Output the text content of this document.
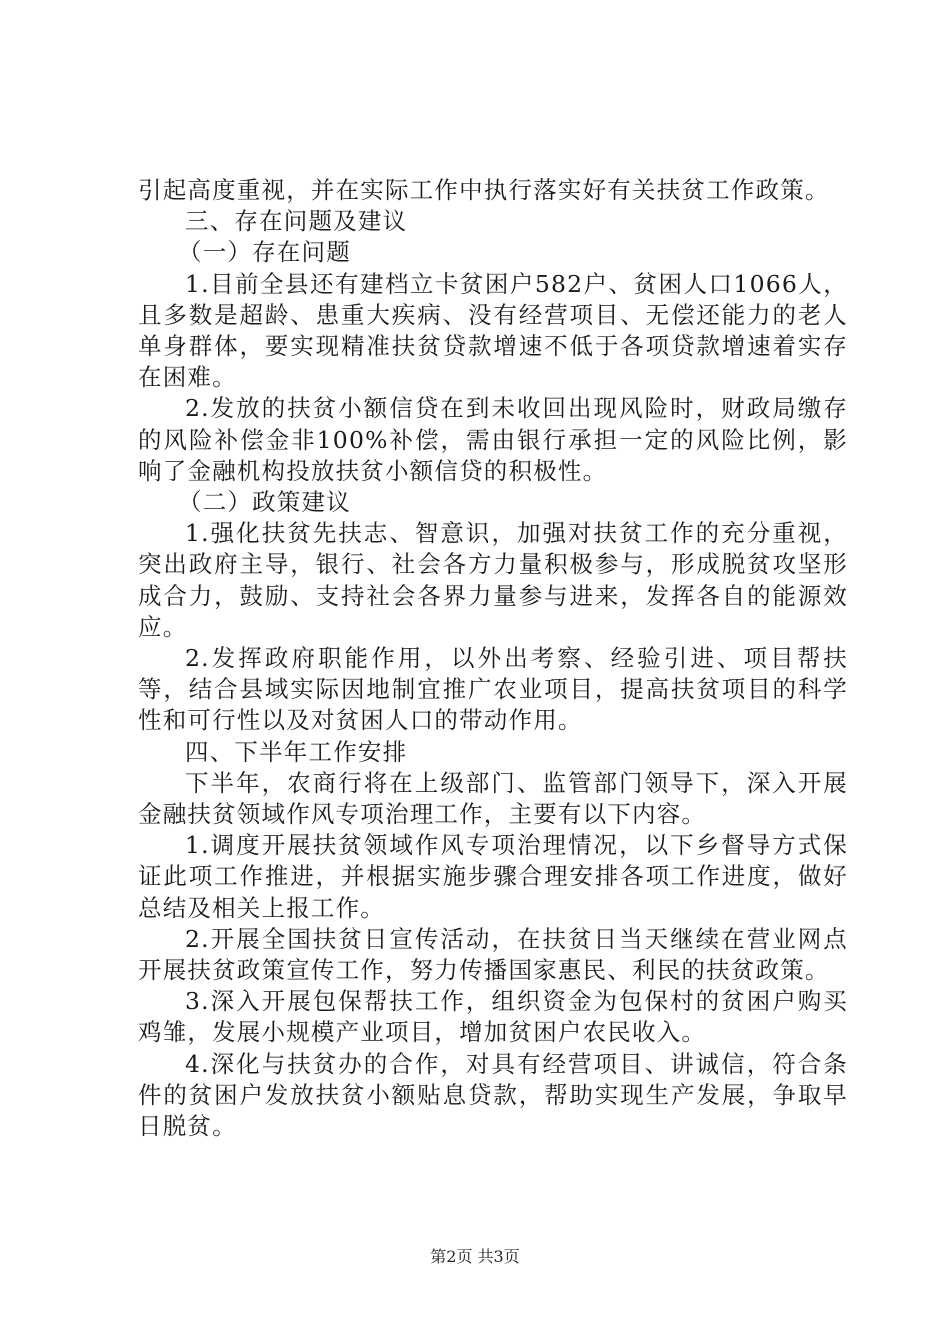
引起高度重视，并在实际工作中执行落实好有关扶贫工作政策。

三、存在问题及建议

（一）存在问题

1.目前全县还有建档立卡贫困户582户、贫困人口1066人，且多数是超龄、患重大疾病、没有经营项目、无偿还能力的老人单身群体，要实现精准扶贫贷款增速不低于各项贷款增速着实存在困难。

2.发放的扶贫小额信贷在到未收回出现风险时，财政局缴存的风险补偿金非100%补偿，需由银行承担一定的风险比例，影响了金融机构投放扶贫小额信贷的积极性。

（二）政策建议

1.强化扶贫先扶志、智意识，加强对扶贫工作的充分重视，突出政府主导，银行、社会各方力量积极参与，形成脱贫攻坚形成合力，鼓励、支持社会各界力量参与进来，发挥各自的能源效应。

2.发挥政府职能作用，以外出考察、经验引进、项目帮扶等，结合县域实际因地制宜推广农业项目，提高扶贫项目的科学性和可行性以及对贫困人口的带动作用。

四、下半年工作安排

下半年，农商行将在上级部门、监管部门领导下，深入开展金融扶贫领域作风专项治理工作，主要有以下内容。

1.调度开展扶贫领域作风专项治理情况，以下乡督导方式保证此项工作推进，并根据实施步骤合理安排各项工作进度，做好总结及相关上报工作。

2.开展全国扶贫日宣传活动，在扶贫日当天继续在营业网点开展扶贫政策宣传工作，努力传播国家惠民、利民的扶贫政策。

3.深入开展包保帮扶工作，组织资金为包保村的贫困户购买鸡雏，发展小规模产业项目，增加贫困户农民收入。

4.深化与扶贫办的合作，对具有经营项目、讲诚信，符合条件的贫困户发放扶贫小额贴息贷款，帮助实现生产发展，争取早日脱贫。

第2页 共3页
